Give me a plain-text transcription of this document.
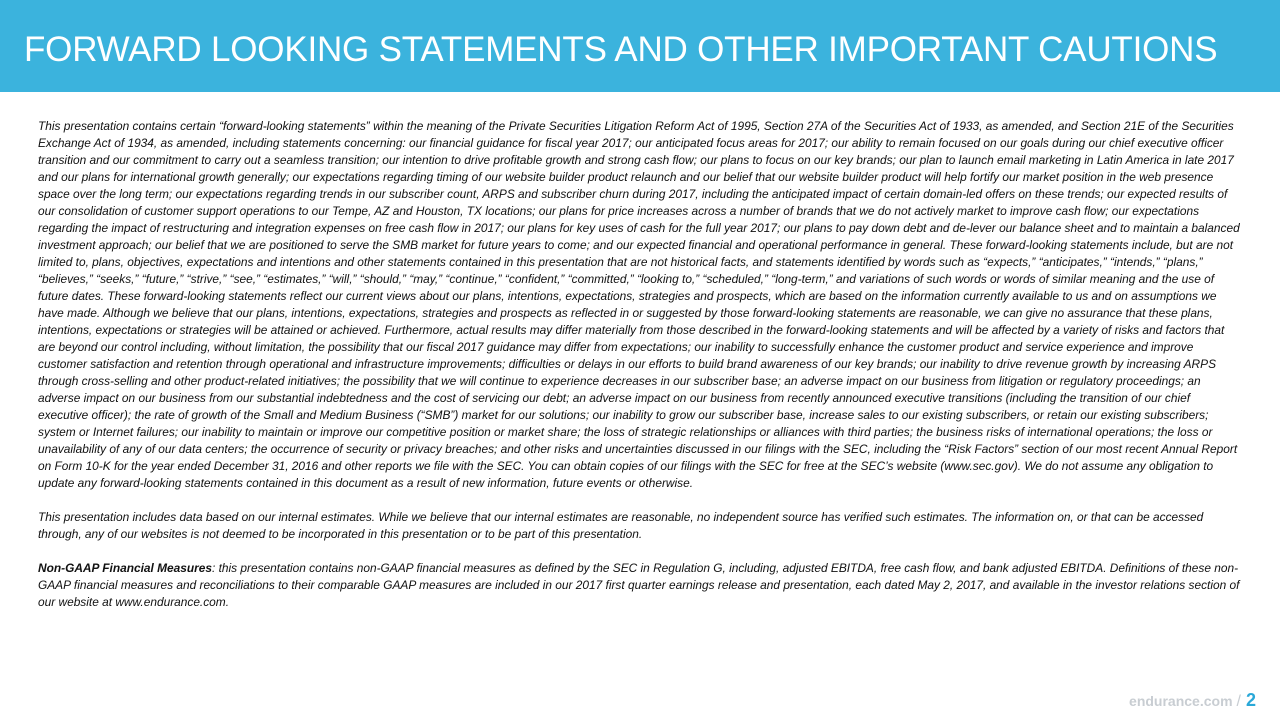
FORWARD LOOKING STATEMENTS AND OTHER IMPORTANT CAUTIONS

This presentation contains certain “forward-looking statements” within the meaning of the Private Securities Litigation Reform Act of 1995, Section 27A of the Securities Act of 1933, as amended, and Section 21E of the Securities Exchange Act of 1934, as amended, including statements concerning: our financial guidance for fiscal year 2017; our anticipated focus areas for 2017; our ability to remain focused on our goals during our chief executive officer transition and our commitment to carry out a seamless transition; our intention to drive profitable growth and strong cash flow; our plans to focus on our key brands; our plan to launch email marketing in Latin America in late 2017 and our plans for international growth generally; our expectations regarding timing of our website builder product relaunch and our belief that our website builder product will help fortify our market position in the web presence space over the long term; our expectations regarding trends in our subscriber count, ARPS and subscriber churn during 2017, including the anticipated impact of certain domain-led offers on these trends; our expected results of our consolidation of customer support operations to our Tempe, AZ and Houston, TX locations; our plans for price increases across a number of brands that we do not actively market to improve cash flow; our expectations regarding the impact of restructuring and integration expenses on free cash flow in 2017; our plans for key uses of cash for the full year 2017; our plans to pay down debt and de-lever our balance sheet and to maintain a balanced investment approach; our belief that we are positioned to serve the SMB market for future years to come; and our expected financial and operational performance in general. These forward-looking statements include, but are not limited to, plans, objectives, expectations and intentions and other statements contained in this presentation that are not historical facts, and statements identified by words such as “expects,” “anticipates,” “intends,” “plans,” “believes,” “seeks,” “future,” “strive,” “see,” “estimates,” “will,” “should,” “may,” “continue,” “confident,” “committed,” “looking to,” “scheduled,” “long-term,” and variations of such words or words of similar meaning and the use of future dates. These forward-looking statements reflect our current views about our plans, intentions, expectations, strategies and prospects, which are based on the information currently available to us and on assumptions we have made. Although we believe that our plans, intentions, expectations, strategies and prospects as reflected in or suggested by those forward-looking statements are reasonable, we can give no assurance that these plans, intentions, expectations or strategies will be attained or achieved. Furthermore, actual results may differ materially from those described in the forward-looking statements and will be affected by a variety of risks and factors that are beyond our control including, without limitation, the possibility that our fiscal 2017 guidance may differ from expectations; our inability to successfully enhance the customer product and service experience and improve customer satisfaction and retention through operational and infrastructure improvements; difficulties or delays in our efforts to build brand awareness of our key brands; our inability to drive revenue growth by increasing ARPS through cross-selling and other product-related initiatives; the possibility that we will continue to experience decreases in our subscriber base; an adverse impact on our business from litigation or regulatory proceedings; an adverse impact on our business from our substantial indebtedness and the cost of servicing our debt; an adverse impact on our business from recently announced executive transitions (including the transition of our chief executive officer); the rate of growth of the Small and Medium Business (“SMB”) market for our solutions; our inability to grow our subscriber base, increase sales to our existing subscribers, or retain our existing subscribers; system or Internet failures; our inability to maintain or improve our competitive position or market share; the loss of strategic relationships or alliances with third parties; the business risks of international operations; the loss or unavailability of any of our data centers; the occurrence of security or privacy breaches; and other risks and uncertainties discussed in our filings with the SEC, including the “Risk Factors” section of our most recent Annual Report on Form 10-K for the year ended December 31, 2016 and other reports we file with the SEC. You can obtain copies of our filings with the SEC for free at the SEC’s website (www.sec.gov). We do not assume any obligation to update any forward-looking statements contained in this document as a result of new information, future events or otherwise.

This presentation includes data based on our internal estimates. While we believe that our internal estimates are reasonable, no independent source has verified such estimates. The information on, or that can be accessed through, any of our websites is not deemed to be incorporated in this presentation or to be part of this presentation.

Non-GAAP Financial Measures: this presentation contains non-GAAP financial measures as defined by the SEC in Regulation G, including, adjusted EBITDA, free cash flow, and bank adjusted EBITDA. Definitions of these non-GAAP financial measures and reconciliations to their comparable GAAP measures are included in our 2017 first quarter earnings release and presentation, each dated May 2, 2017, and available in the investor relations section of our website at www.endurance.com.

endurance.com / 2
